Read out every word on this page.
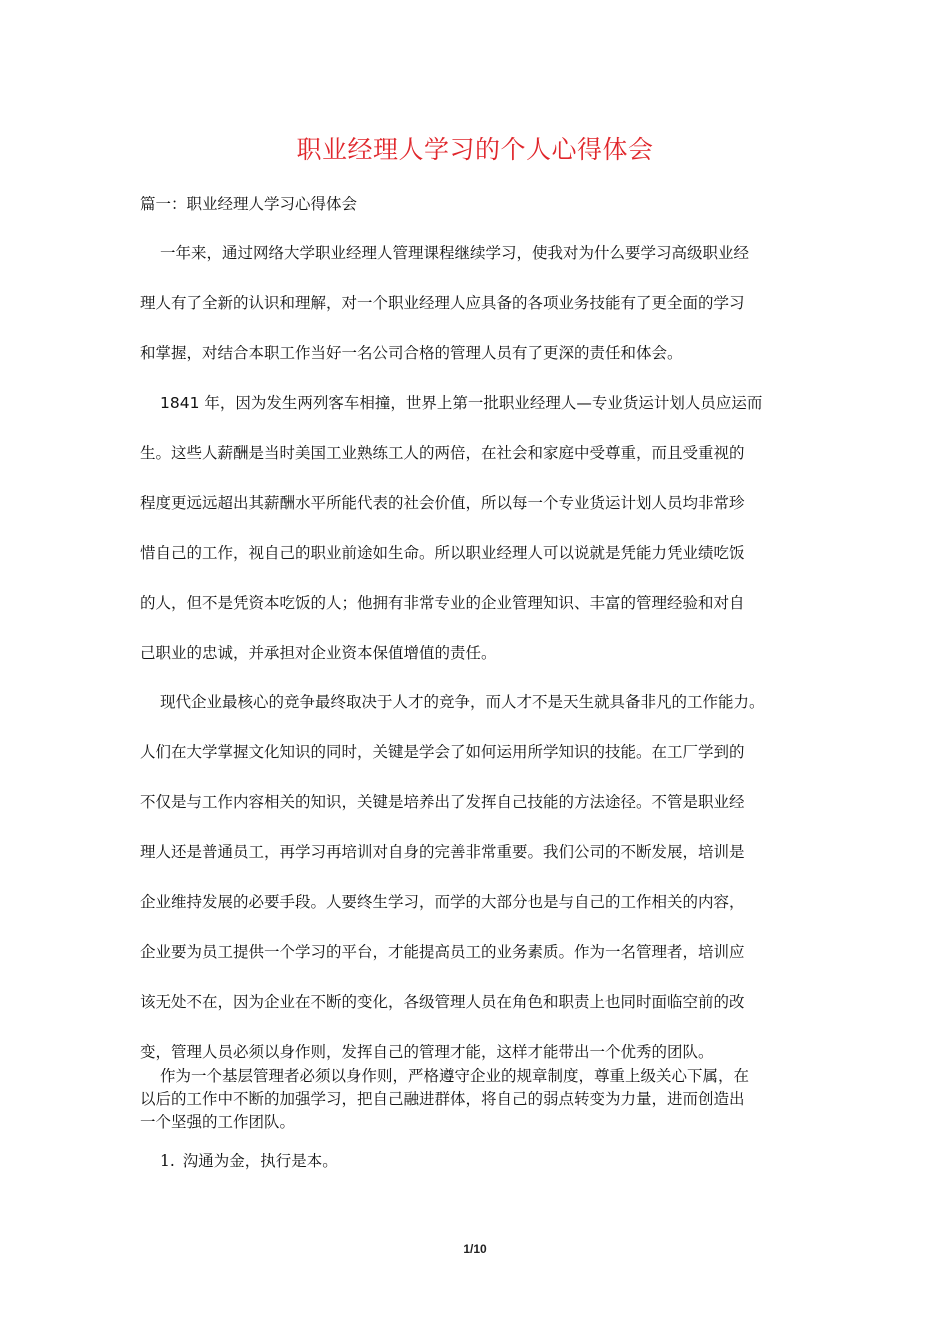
职业经理人学习的个人心得体会
篇一：职业经理人学习心得体会
一年来，通过网络大学职业经理人管理课程继续学习，使我对为什么要学习高级职业经
理人有了全新的认识和理解，对一个职业经理人应具备的各项业务技能有了更全面的学习
和掌握，对结合本职工作当好一名公司合格的管理人员有了更深的责任和体会。
1841 年，因为发生两列客车相撞，世界上第一批职业经理人—专业货运计划人员应运而
生。这些人薪酬是当时美国工业熟练工人的两倍，在社会和家庭中受尊重，而且受重视的
程度更远远超出其薪酬水平所能代表的社会价值，所以每一个专业货运计划人员均非常珍
惜自己的工作，视自己的职业前途如生命。所以职业经理人可以说就是凭能力凭业绩吃饭
的人，但不是凭资本吃饭的人；他拥有非常专业的企业管理知识、丰富的管理经验和对自
己职业的忠诚，并承担对企业资本保值增值的责任。
现代企业最核心的竞争最终取决于人才的竞争，而人才不是天生就具备非凡的工作能力。
人们在大学掌握文化知识的同时，关键是学会了如何运用所学知识的技能。在工厂学到的
不仅是与工作内容相关的知识，关键是培养出了发挥自己技能的方法途径。不管是职业经
理人还是普通员工，再学习再培训对自身的完善非常重要。我们公司的不断发展，培训是
企业维持发展的必要手段。人要终生学习，而学的大部分也是与自己的工作相关的内容，
企业要为员工提供一个学习的平台，才能提高员工的业务素质。作为一名管理者，培训应
该无处不在，因为企业在不断的变化，各级管理人员在角色和职责上也同时面临空前的改
变，管理人员必须以身作则，发挥自己的管理才能，这样才能带出一个优秀的团队。
作为一个基层管理者必须以身作则，严格遵守企业的规章制度，尊重上级关心下属，在
以后的工作中不断的加强学习，把自己融进群体，将自己的弱点转变为力量，进而创造出
一个坚强的工作团队。
1. 沟通为金，执行是本。
1/10
